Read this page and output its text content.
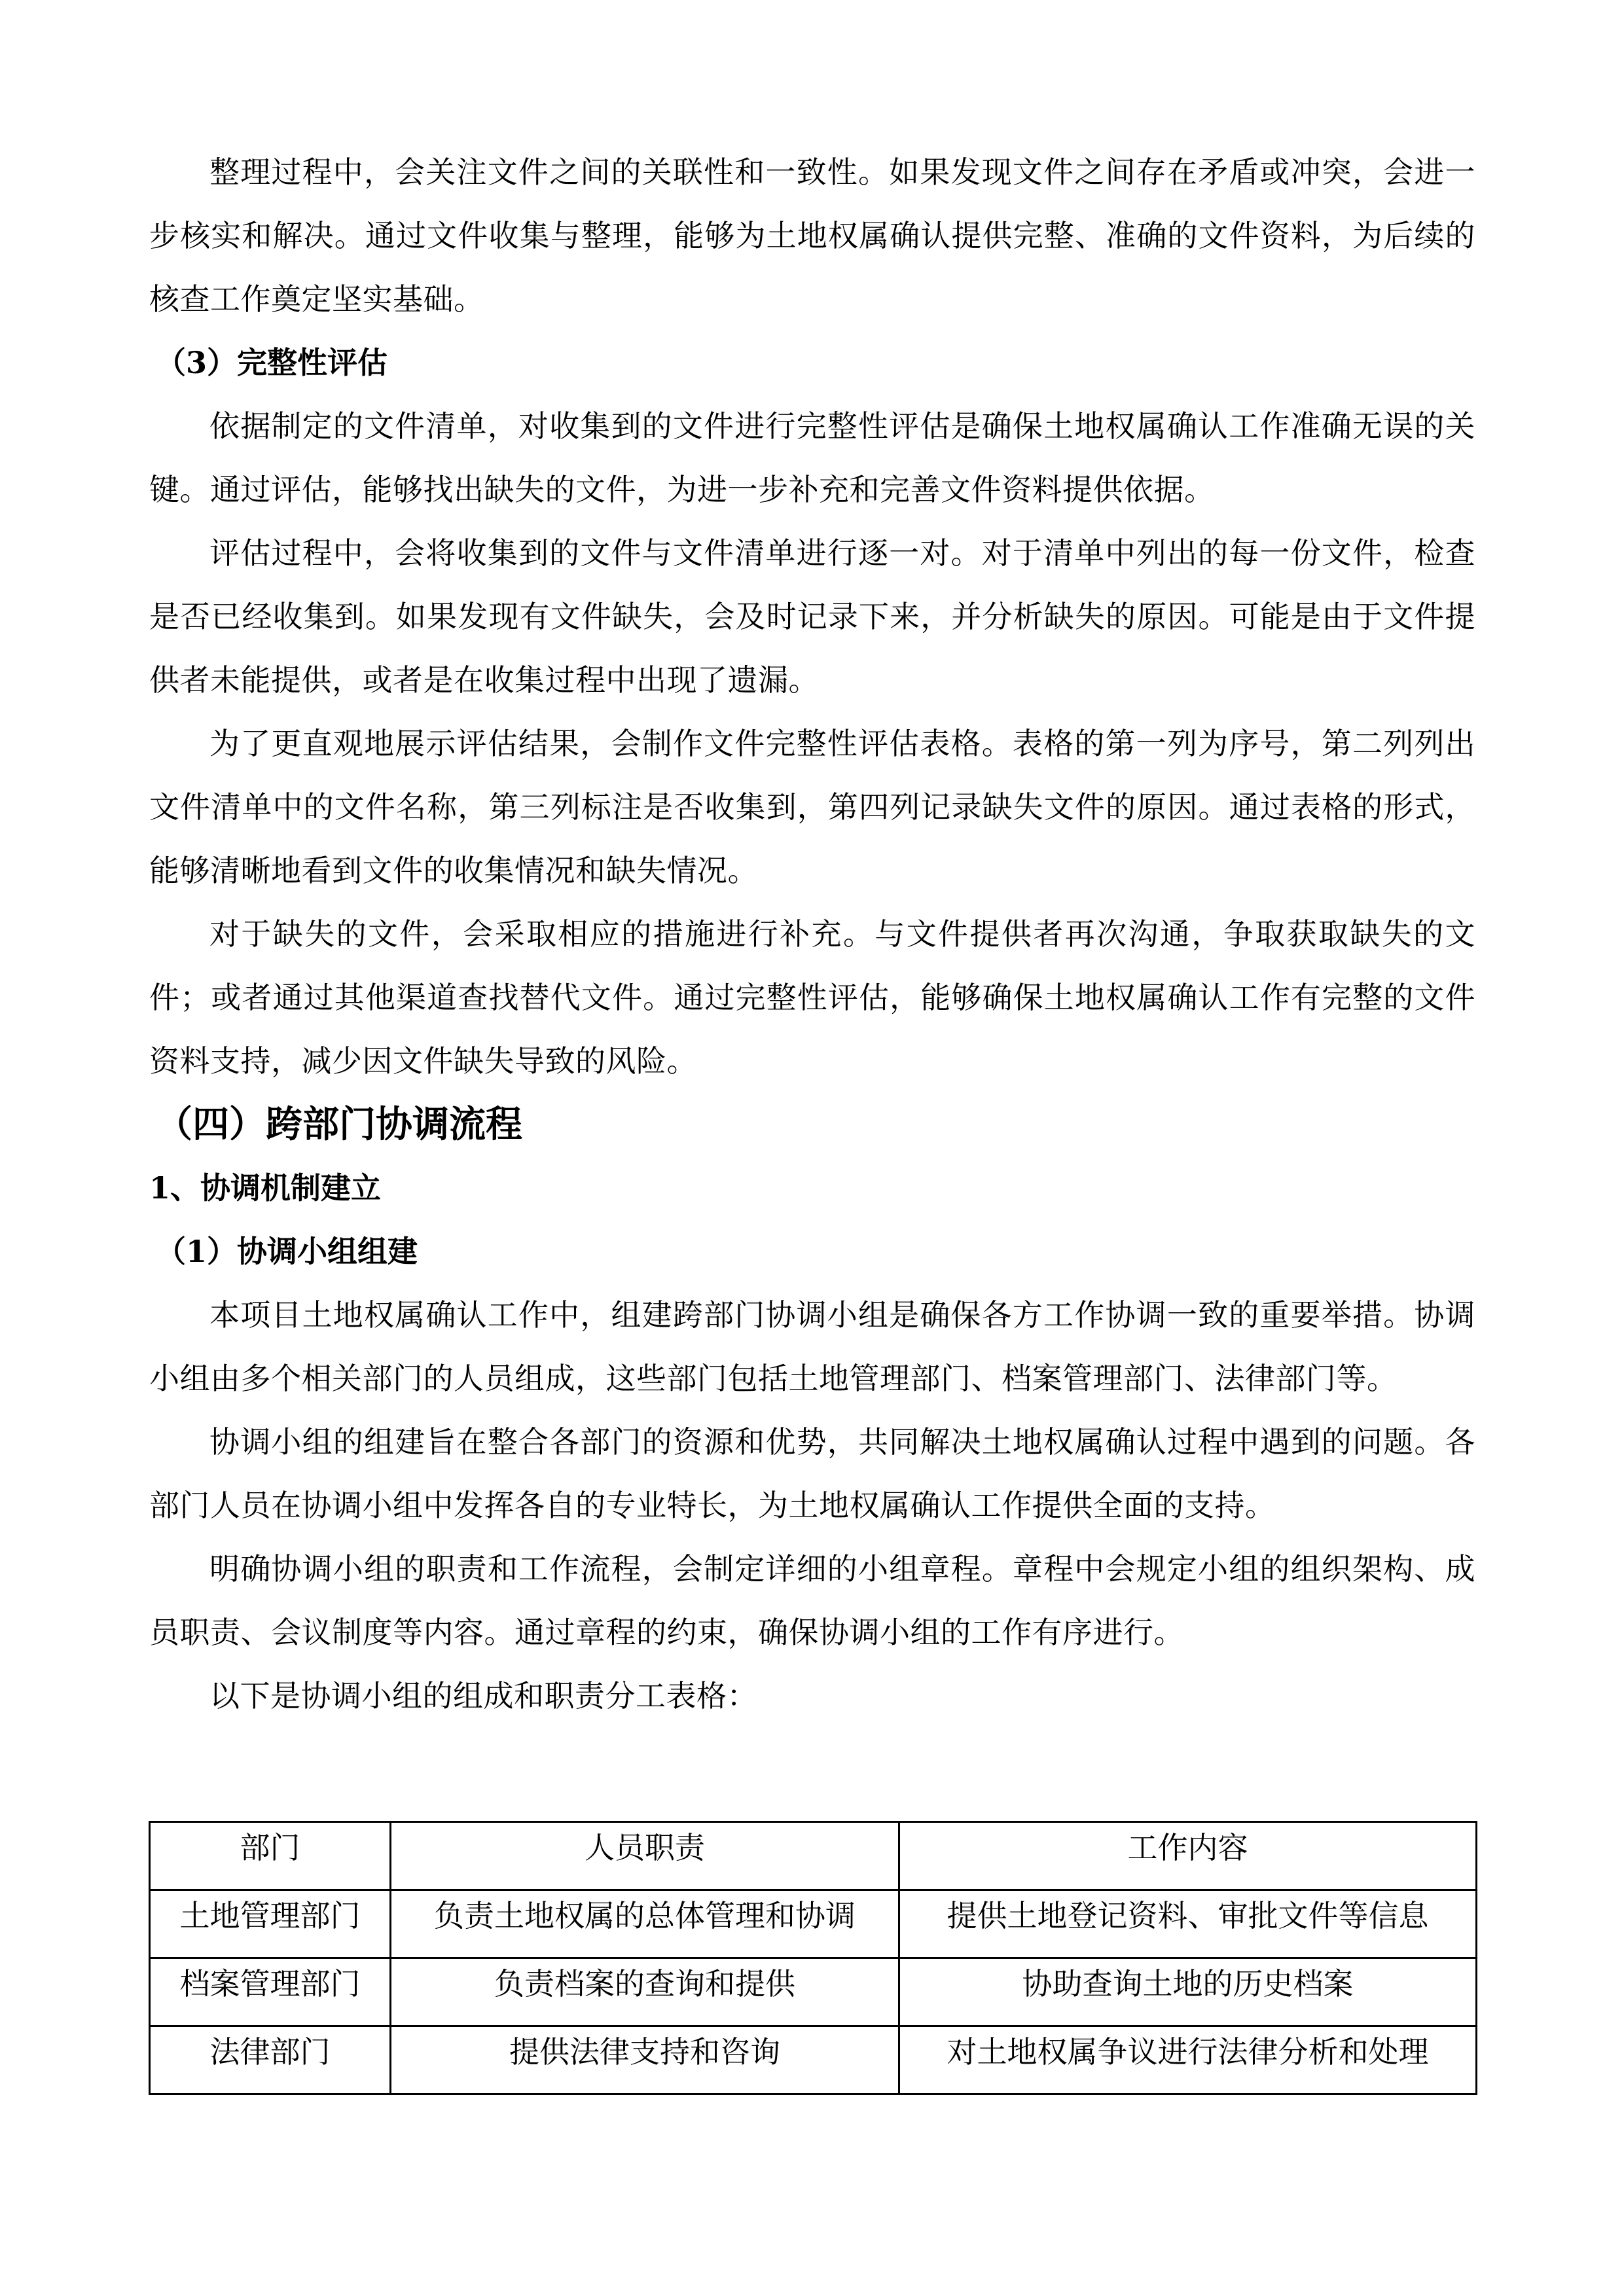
整理过程中，会关注文件之间的关联性和一致性。如果发现文件之间存在矛盾或冲突，会进一步核实和解决。通过文件收集与整理，能够为土地权属确认提供完整、准确的文件资料，为后续的核查工作奠定坚实基础。

（3）完整性评估

依据制定的文件清单，对收集到的文件进行完整性评估是确保土地权属确认工作准确无误的关键。通过评估，能够找出缺失的文件，为进一步补充和完善文件资料提供依据。

评估过程中，会将收集到的文件与文件清单进行逐一对。对于清单中列出的每一份文件，检查是否已经收集到。如果发现有文件缺失，会及时记录下来，并分析缺失的原因。可能是由于文件提供者未能提供，或者是在收集过程中出现了遗漏。

为了更直观地展示评估结果，会制作文件完整性评估表格。表格的第一列为序号，第二列列出文件清单中的文件名称，第三列标注是否收集到，第四列记录缺失文件的原因。通过表格的形式，能够清晰地看到文件的收集情况和缺失情况。

对于缺失的文件，会采取相应的措施进行补充。与文件提供者再次沟通，争取获取缺失的文件；或者通过其他渠道查找替代文件。通过完整性评估，能够确保土地权属确认工作有完整的文件资料支持，减少因文件缺失导致的风险。

（四）跨部门协调流程
1、协调机制建立
（1）协调小组组建

本项目土地权属确认工作中，组建跨部门协调小组是确保各方工作协调一致的重要举措。协调小组由多个相关部门的人员组成，这些部门包括土地管理部门、档案管理部门、法律部门等。

协调小组的组建旨在整合各部门的资源和优势，共同解决土地权属确认过程中遇到的问题。各部门人员在协调小组中发挥各自的专业特长，为土地权属确认工作提供全面的支持。

明确协调小组的职责和工作流程，会制定详细的小组章程。章程中会规定小组的组织架构、成员职责、会议制度等内容。通过章程的约束，确保协调小组的工作有序进行。

以下是协调小组的组成和职责分工表格：

部门	人员职责	工作内容
土地管理部门	负责土地权属的总体管理和协调	提供土地登记资料、审批文件等信息
档案管理部门	负责档案的查询和提供	协助查询土地的历史档案
法律部门	提供法律支持和咨询	对土地权属争议进行法律分析和处理
